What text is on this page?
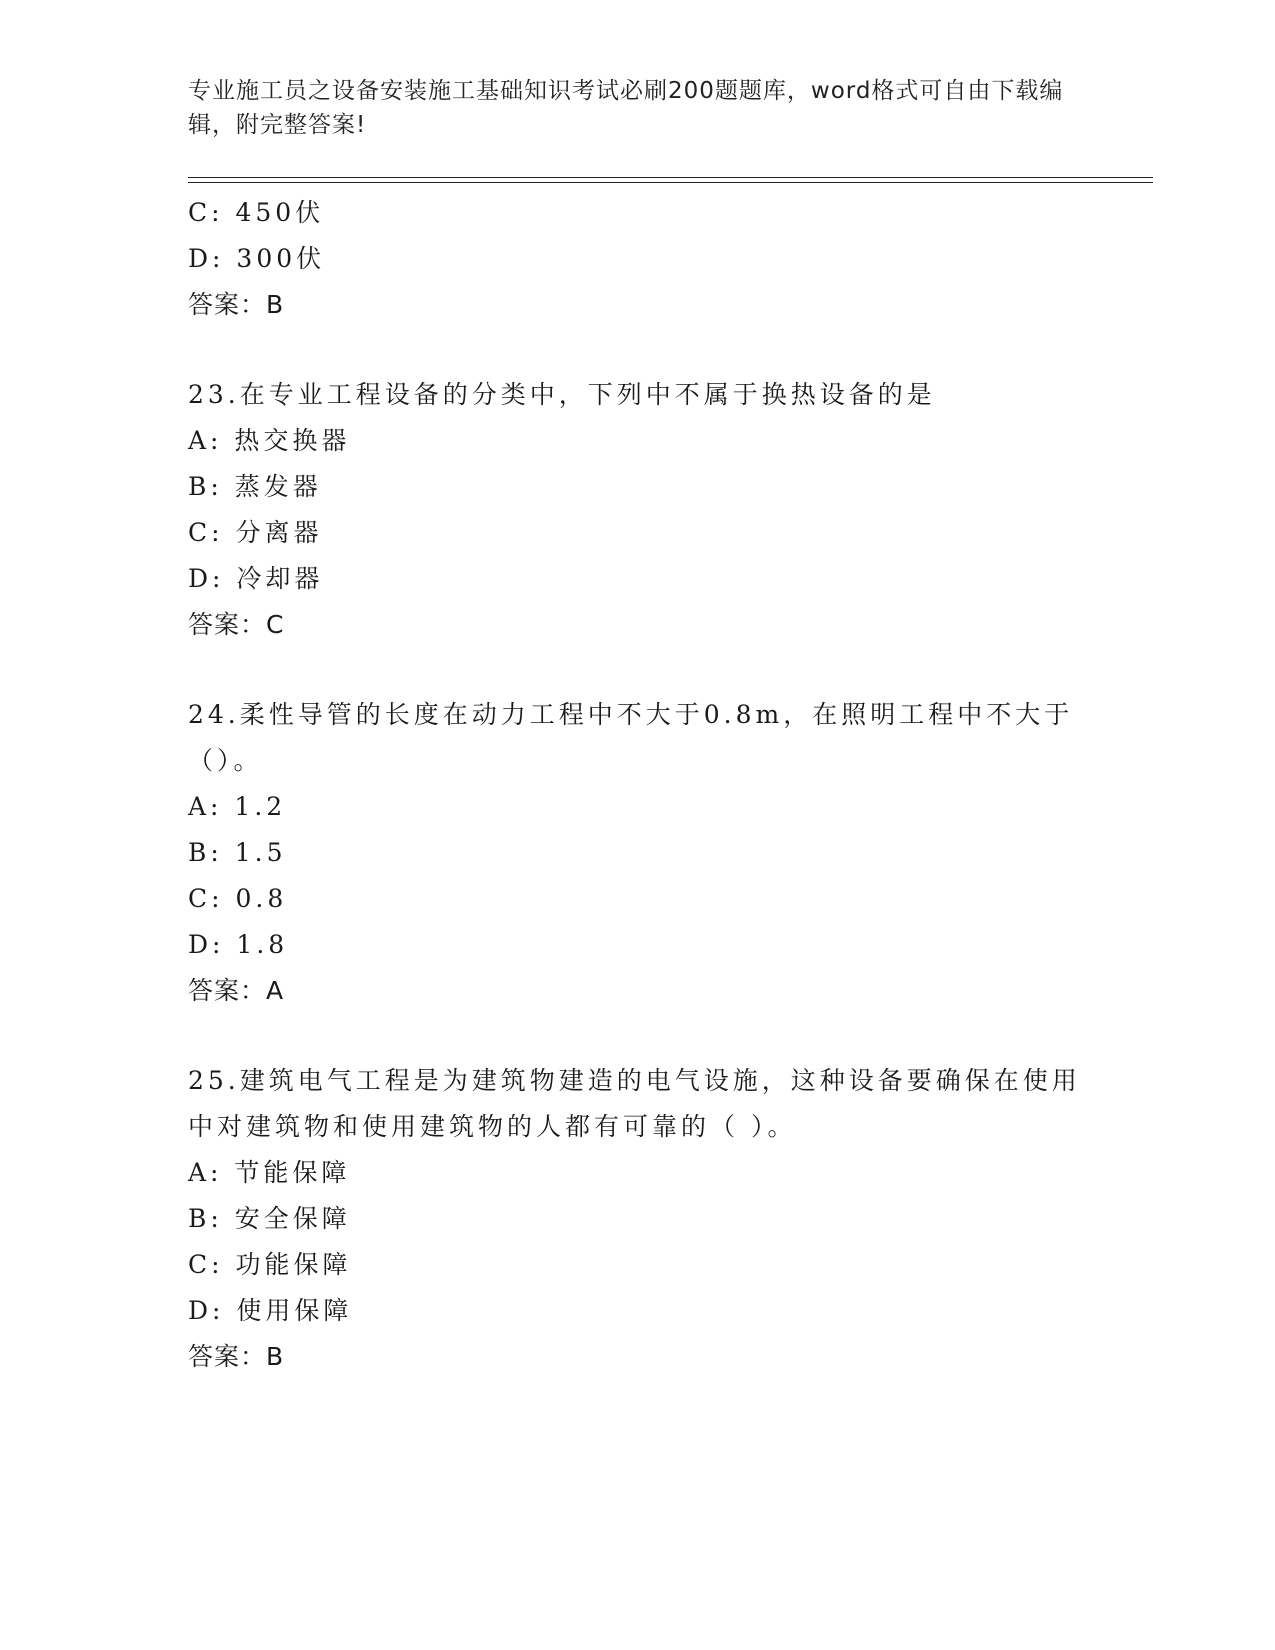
专业施工员之设备安装施工基础知识考试必刷200题题库，word格式可自由下载编辑，附完整答案!
C: 450伏
D: 300伏
答案：B
23.在专业工程设备的分类中，下列中不属于换热设备的是
A: 热交换器
B: 蒸发器
C: 分离器
D: 冷却器
答案：C
24.柔性导管的长度在动力工程中不大于0.8m，在照明工程中不大于（）。
A: 1.2
B: 1.5
C: 0.8
D: 1.8
答案：A
25.建筑电气工程是为建筑物建造的电气设施，这种设备要确保在使用中对建筑物和使用建筑物的人都有可靠的（ ）。
A: 节能保障
B: 安全保障
C: 功能保障
D: 使用保障
答案：B
